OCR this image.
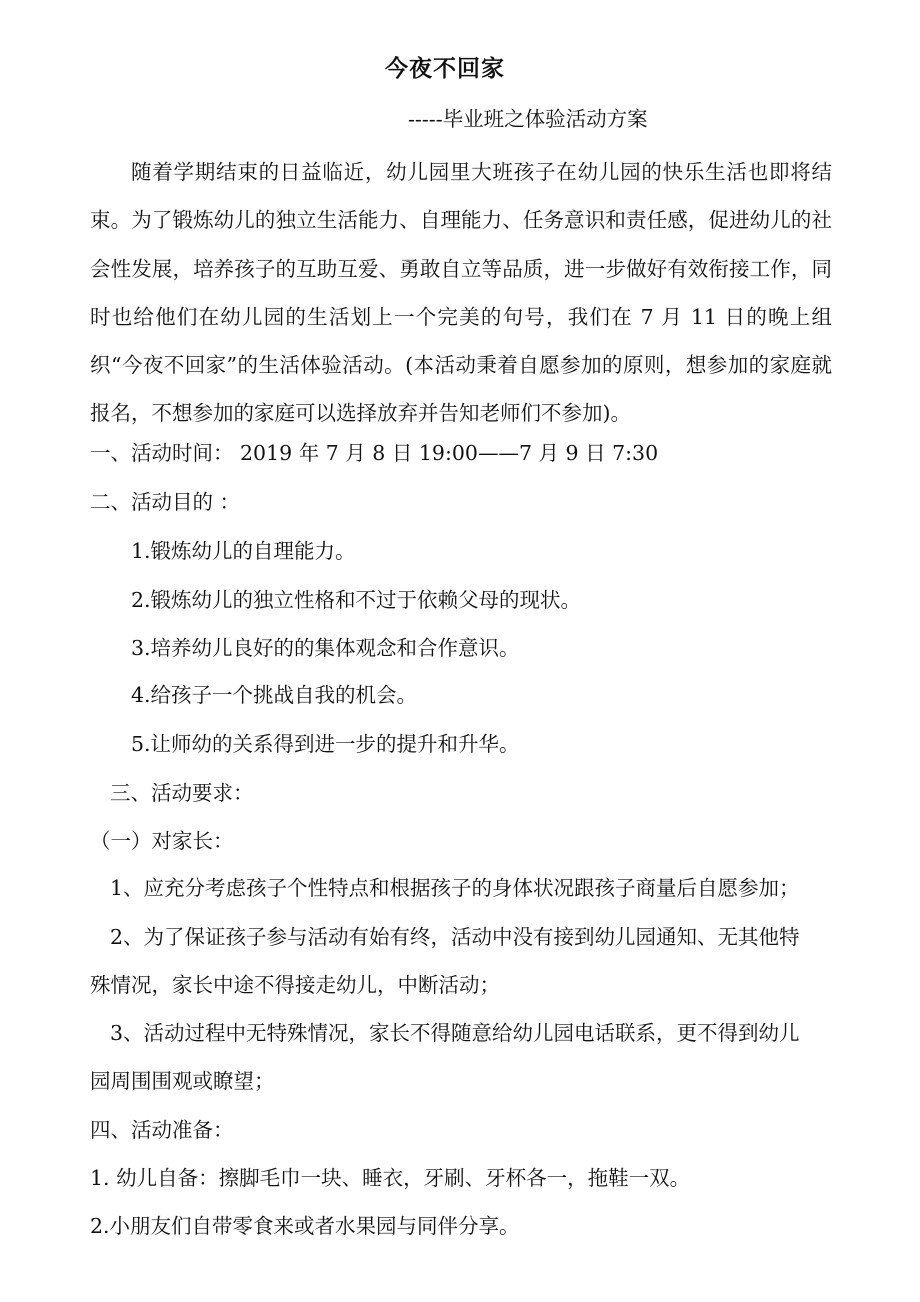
今夜不回家
-----毕业班之体验活动方案
随着学期结束的日益临近，幼儿园里大班孩子在幼儿园的快乐生活也即将结束。为了锻炼幼儿的独立生活能力、自理能力、任务意识和责任感，促进幼儿的社会性发展，培养孩子的互助互爱、勇敢自立等品质，进一步做好有效衔接工作，同时也给他们在幼儿园的生活划上一个完美的句号，我们在 7 月 11 日的晚上组织“今夜不回家”的生活体验活动。(本活动秉着自愿参加的原则，想参加的家庭就报名，不想参加的家庭可以选择放弃并告知老师们不参加)。
一、活动时间： 2019 年 7 月 8 日 19:00——7 月 9 日 7:30
二、活动目的 ：
1.锻炼幼儿的自理能力。
2.锻炼幼儿的独立性格和不过于依赖父母的现状。
3.培养幼儿良好的的集体观念和合作意识。
4.给孩子一个挑战自我的机会。
5.让师幼的关系得到进一步的提升和升华。
三、活动要求：
（一）对家长：
1、应充分考虑孩子个性特点和根据孩子的身体状况跟孩子商量后自愿参加；
2、为了保证孩子参与活动有始有终，活动中没有接到幼儿园通知、无其他特
殊情况，家长中途不得接走幼儿，中断活动；
3、活动过程中无特殊情况，家长不得随意给幼儿园电话联系，更不得到幼儿
园周围围观或瞭望；
四、活动准备：
1. 幼儿自备：擦脚毛巾一块、睡衣，牙刷、牙杯各一，拖鞋一双。
2.小朋友们自带零食来或者水果园与同伴分享。
